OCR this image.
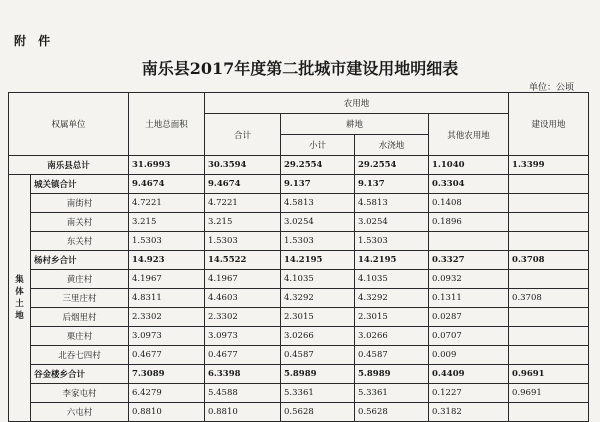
附 件
南乐县2017年度第二批城市建设用地明细表
单位：公顷
权属单位		土地总面积	农用地				建设用地
			合计	耕地		其他农用地	
				小计	水浇地		
南乐县总计		31.6993	30.3594	29.2554	29.2554	1.1040	1.3399
集体土地	城关镇合计	9.4674	9.4674	9.137	9.137	0.3304	
	南街村	4.7221	4.7221	4.5813	4.5813	0.1408	
	南关村	3.215	3.215	3.0254	3.0254	0.1896	
	东关村	1.5303	1.5303	1.5303	1.5303		
	杨村乡合计	14.923	14.5522	14.2195	14.2195	0.3327	0.3708
	黄庄村	4.1967	4.1967	4.1035	4.1035	0.0932	
	三里庄村	4.8311	4.4603	4.3292	4.3292	0.1311	0.3708
	后烟里村	2.3302	2.3302	2.3015	2.3015	0.0287	
	栗庄村	3.0973	3.0973	3.0266	3.0266	0.0707	
	北吞七四村	0.4677	0.4677	0.4587	0.4587	0.009	
	谷金楼乡合计	7.3089	6.3398	5.8989	5.8989	0.4409	0.9691
	李家屯村	6.4279	5.4588	5.3361	5.3361	0.1227	0.9691
	六屯村	0.8810	0.8810	0.5628	0.5628	0.3182	
